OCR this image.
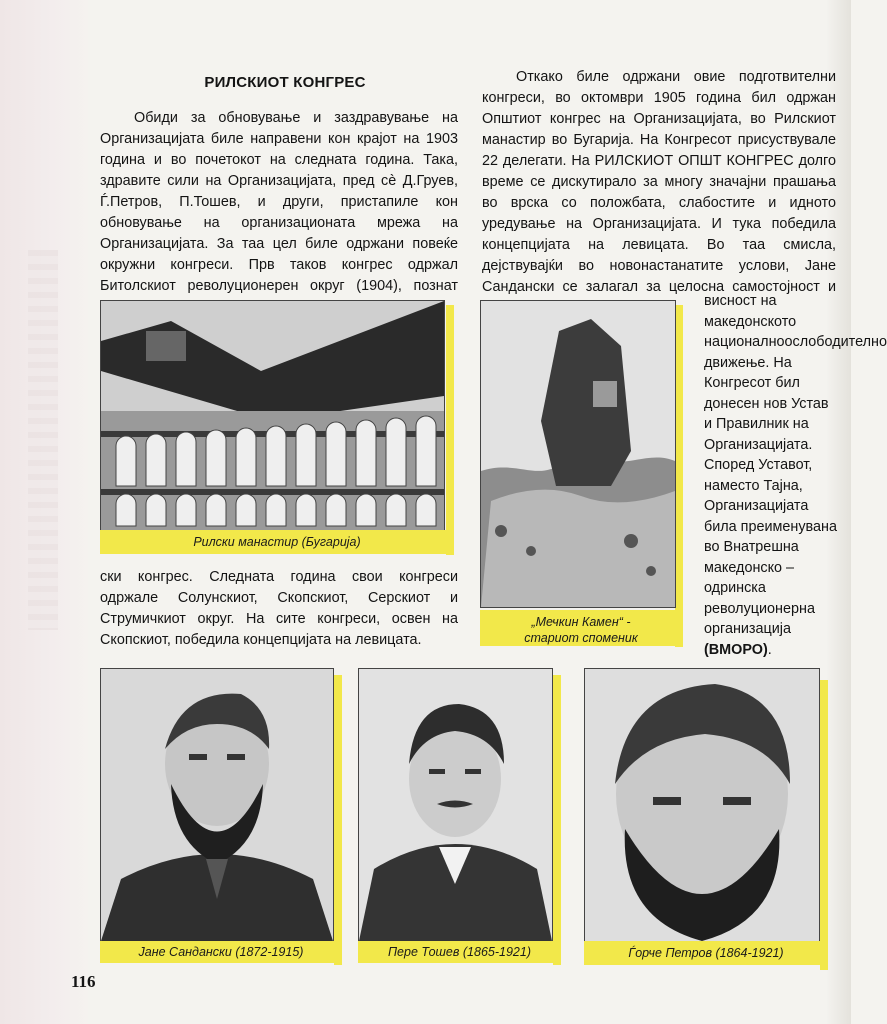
РИЛСКИОТ КОНГРЕС

Обиди за обновување и заздравување на Организацијата биле направени кон крајот на 1903 година и во почетокот на следната година. Така, здравите сили на Организацијата, пред сè Д.Груев, Ѓ.Петров, П.Тошев, и други, пристапиле кон обновување на организационата мрежа на Организацијата. За таа цел биле одржани повеќе окружни конгреси. Прв таков конгрес одржал Битолскиот револуционерен округ (1904), познат

Откако биле одржани овие подготвителни конгреси, во октомври 1905 година бил одржан Општиот конгрес на Организацијата, во Рилскиот манастир во Бугарија. На Конгресот присуствувале 22 делегати. На РИЛСКИОТ ОПШТ КОНГРЕС долго време се дискутирало за многу значајни прашања во врска со положбата, слабостите и идното уредување на Организацијата. И тука победила концепцијата на левицата. Во таа смисла, дејствувајќи во новонастанатите услови, Јане Сандански се залагал за целосна самостојност и

висност на македонското националноослободително движење. На Конгресот бил донесен нов Устав и Правилник на Организацијата. Според Уставот, наместо Тајна, Организацијата била преименувана во Внатрешна македонско – одринска револуционерна организација (ВМОРО).

ски конгрес. Следната година свои конгреси одржале Солунскиот, Скопскиот, Серскиот и Струмичкиот округ. На сите конгреси, освен на Скопскиот, победила концепцијата на левицата.

Рилски манастир (Бугарија)
„Мечкин Камен“ -
стариот споменик
Јане Сандански (1872-1915)	Пере Тошев (1865-1921)	Ѓорче Петров (1864-1921)
116
